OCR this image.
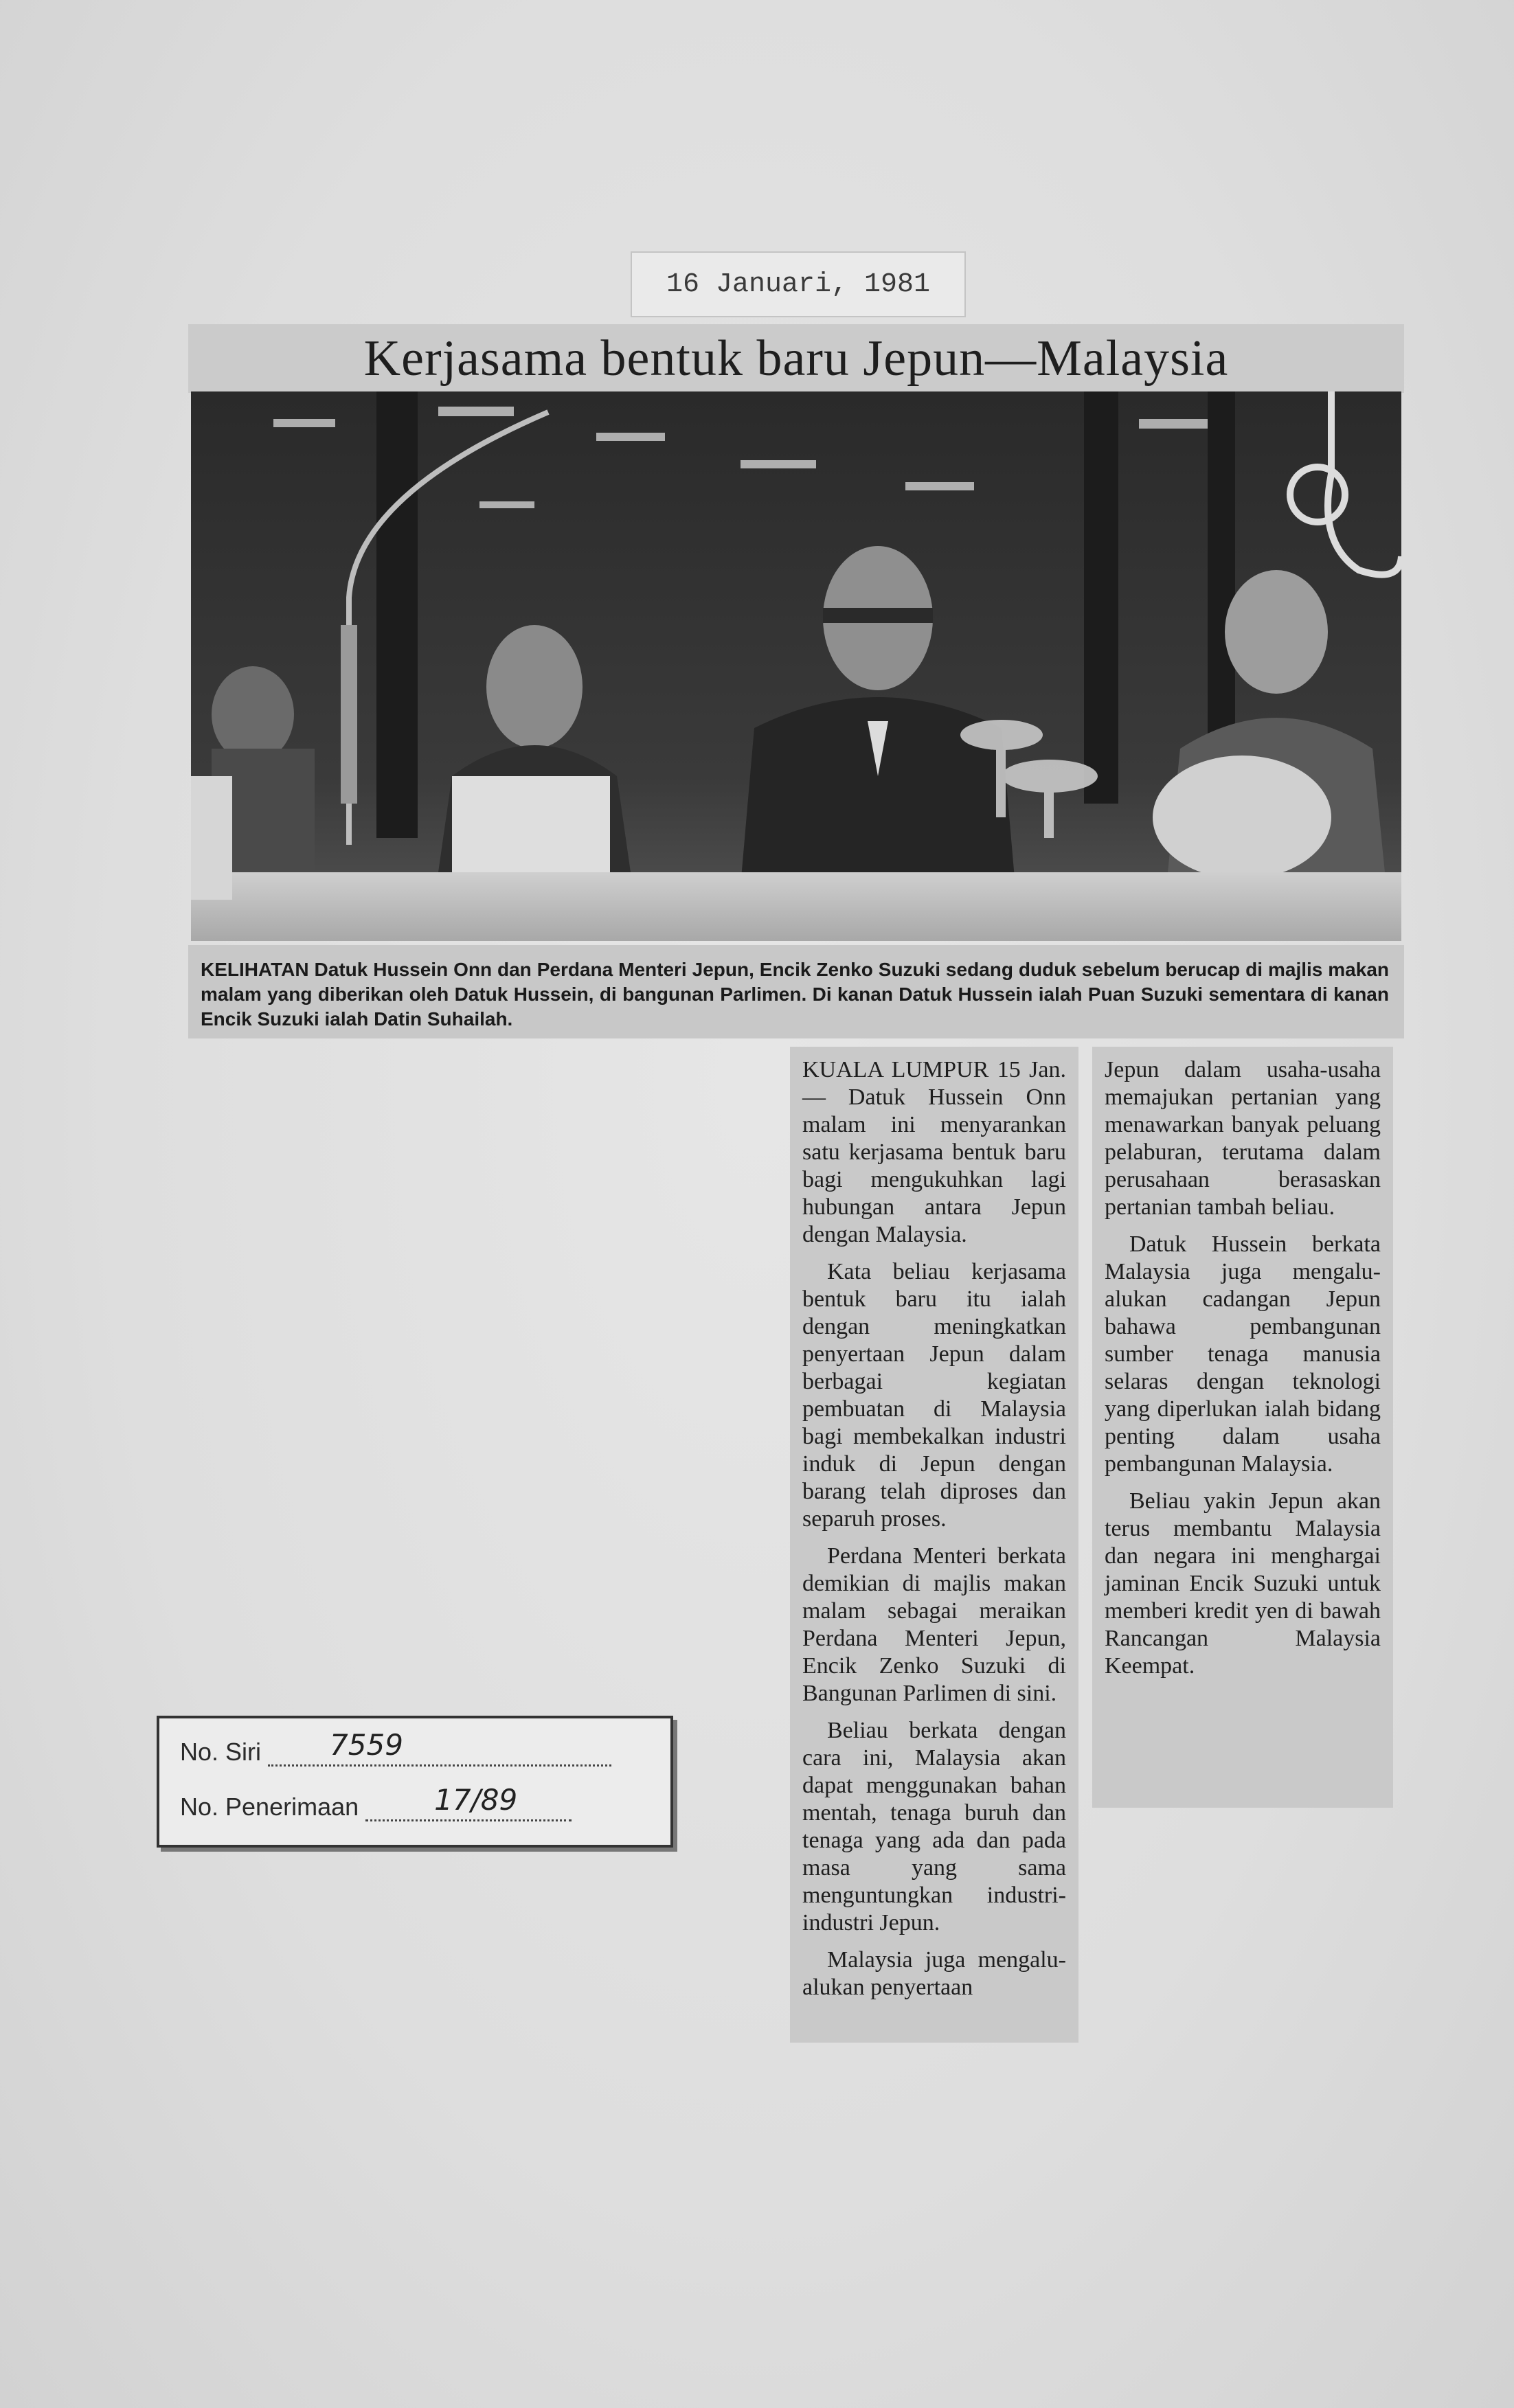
16 Januari, 1981
Kerjasama bentuk baru Jepun—Malaysia
KELIHATAN Datuk Hussein Onn dan Perdana Menteri Jepun, Encik Zenko Suzuki sedang duduk sebelum berucap di majlis makan malam yang diberikan oleh Datuk Hussein, di bangunan Parlimen. Di kanan Datuk Hussein ialah Puan Suzuki sementara di kanan Encik Suzuki ialah Datin Suhailah.

KUALA LUMPUR 15 Jan. — Datuk Hussein Onn malam ini menyarankan satu kerjasama bentuk baru bagi mengukuhkan lagi hubungan antara Jepun dengan Malaysia.

Kata beliau kerjasama bentuk baru itu ialah dengan meningkatkan penyertaan Jepun dalam berbagai kegiatan pembuatan di Malaysia bagi membekalkan industri induk di Jepun dengan barang telah diproses dan separuh proses.

Perdana Menteri berkata demikian di majlis makan malam sebagai meraikan Perdana Menteri Jepun, Encik Zenko Suzuki di Bangunan Parlimen di sini.

Beliau berkata dengan cara ini, Malaysia akan dapat menggunakan bahan mentah, tenaga buruh dan tenaga yang ada dan pada masa yang sama menguntungkan industri-industri Jepun.

Malaysia juga mengalu-alukan penyertaan

Jepun dalam usaha-usaha memajukan pertanian yang menawarkan banyak peluang pelaburan, terutama dalam perusahaan berasaskan pertanian tambah beliau.

Datuk Hussein berkata Malaysia juga mengalu-alukan cadangan Jepun bahawa pembangunan sumber tenaga manusia selaras dengan teknologi yang diperlukan ialah bidang penting dalam usaha pembangunan Malaysia.

Beliau yakin Jepun akan terus membantu Malaysia dan negara ini menghargai jaminan Encik Suzuki untuk memberi kredit yen di bawah Rancangan Malaysia Keempat.

No. Siri 7559
No. Penerimaan	17/89
